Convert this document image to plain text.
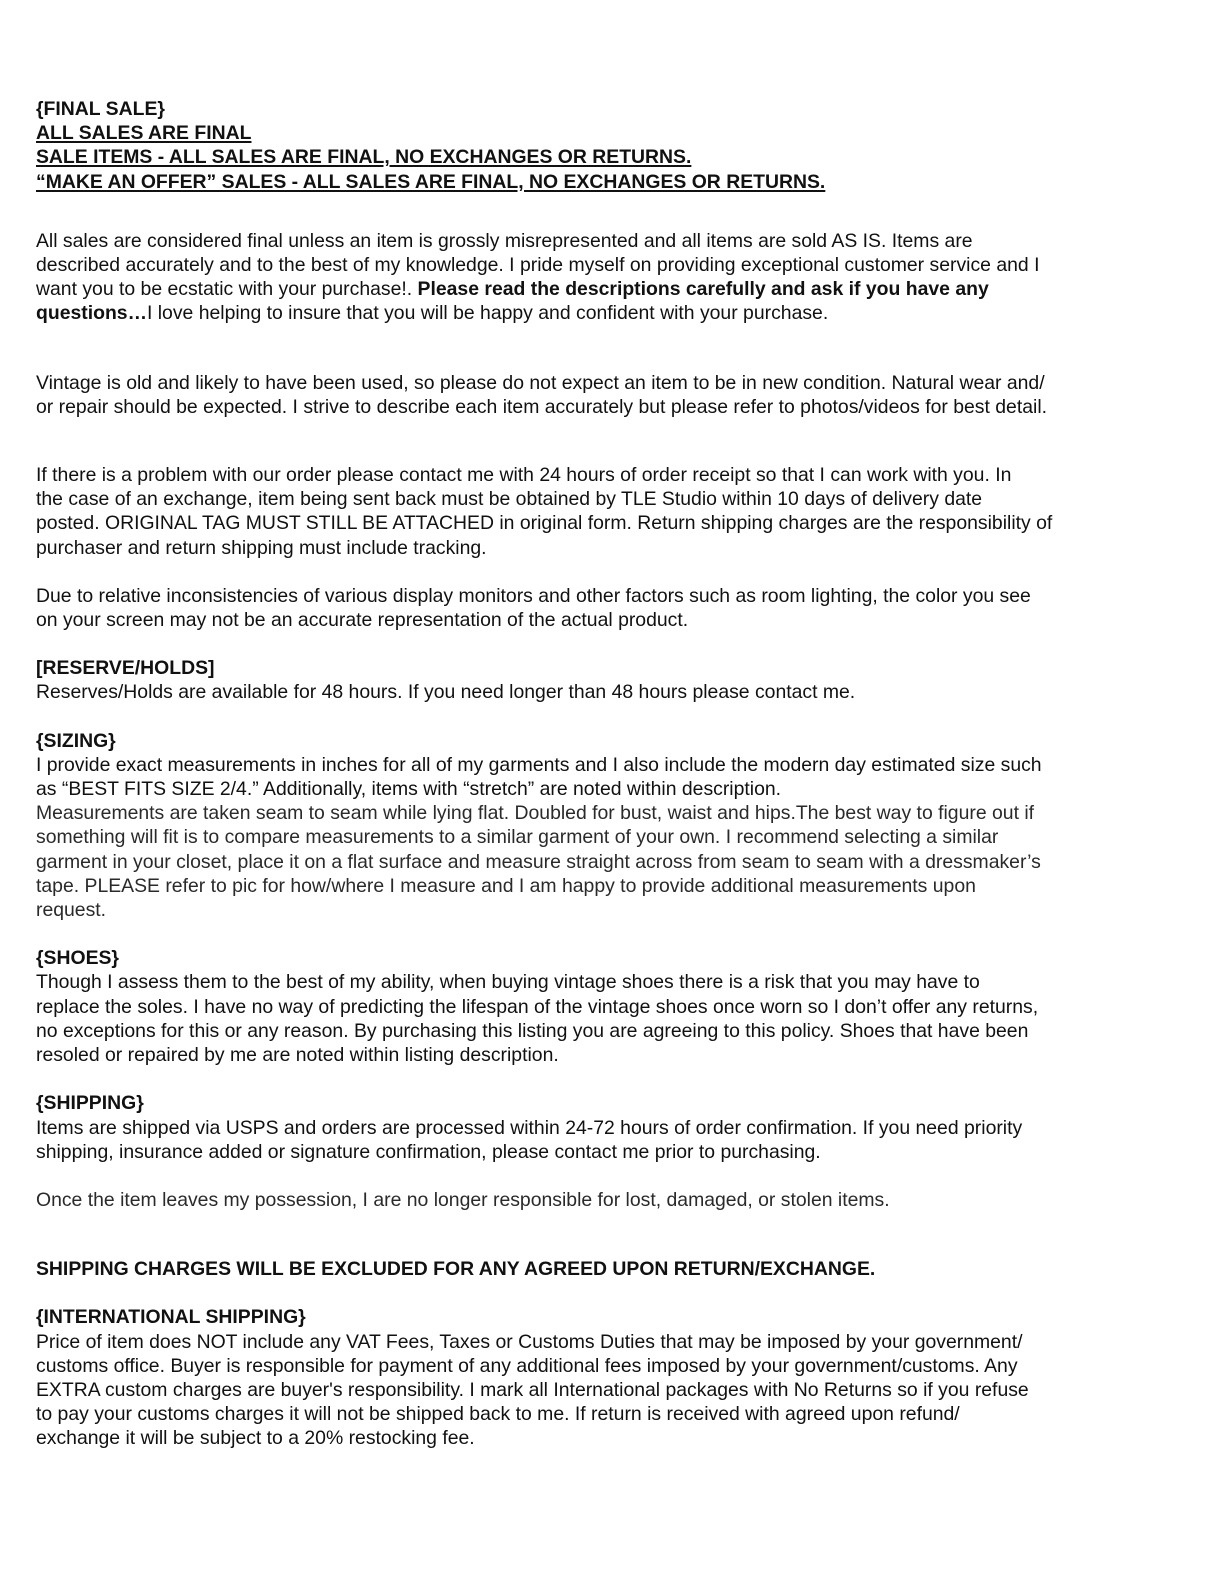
{FINAL SALE}
ALL SALES ARE FINAL
SALE ITEMS - ALL SALES ARE FINAL, NO EXCHANGES OR RETURNS.
“MAKE AN OFFER” SALES - ALL SALES ARE FINAL, NO EXCHANGES OR RETURNS.
All sales are considered final unless an item is grossly misrepresented and all items are sold AS IS. Items are
described accurately and to the best of my knowledge. I pride myself on providing exceptional customer service and I
want you to be ecstatic with your purchase!. Please read the descriptions carefully and ask if you have any
questions…I love helping to insure that you will be happy and confident with your purchase.
Vintage is old and likely to have been used, so please do not expect an item to be in new condition. Natural wear and/
or repair should be expected. I strive to describe each item accurately but please refer to photos/videos for best detail.
If there is a problem with our order please contact me with 24 hours of order receipt so that I can work with you. In
the case of an exchange, item being sent back must be obtained by TLE Studio within 10 days of delivery date
posted. ORIGINAL TAG MUST STILL BE ATTACHED in original form. Return shipping charges are the responsibility of
purchaser and return shipping must include tracking.
Due to relative inconsistencies of various display monitors and other factors such as room lighting, the color you see
on your screen may not be an accurate representation of the actual product.
[RESERVE/HOLDS]
Reserves/Holds are available for 48 hours. If you need longer than 48 hours please contact me.
{SIZING}
I provide exact measurements in inches for all of my garments and I also include the modern day estimated size such
as “BEST FITS SIZE 2/4.” Additionally, items with “stretch” are noted within description.
Measurements are taken seam to seam while lying flat. Doubled for bust, waist and hips.The best way to figure out if
something will fit is to compare measurements to a similar garment of your own. I recommend selecting a similar
garment in your closet, place it on a flat surface and measure straight across from seam to seam with a dressmaker’s
tape. PLEASE refer to pic for how/where I measure and I am happy to provide additional measurements upon
request.
{SHOES}
Though I assess them to the best of my ability, when buying vintage shoes there is a risk that you may have to
replace the soles. I have no way of predicting the lifespan of the vintage shoes once worn so I don’t offer any returns,
no exceptions for this or any reason. By purchasing this listing you are agreeing to this policy. Shoes that have been
resoled or repaired by me are noted within listing description.
{SHIPPING}
Items are shipped via USPS and orders are processed within 24-72 hours of order confirmation. If you need priority
shipping, insurance added or signature confirmation, please contact me prior to purchasing.
Once the item leaves my possession, I are no longer responsible for lost, damaged, or stolen items.
SHIPPING CHARGES WILL BE EXCLUDED FOR ANY AGREED UPON RETURN/EXCHANGE.
{INTERNATIONAL SHIPPING}
Price of item does NOT include any VAT Fees, Taxes or Customs Duties that may be imposed by your government/
customs office. Buyer is responsible for payment of any additional fees imposed by your government/customs. Any
EXTRA custom charges are buyer's responsibility. I mark all International packages with No Returns so if you refuse
to pay your customs charges it will not be shipped back to me. If return is received with agreed upon refund/
exchange it will be subject to a 20% restocking fee.
